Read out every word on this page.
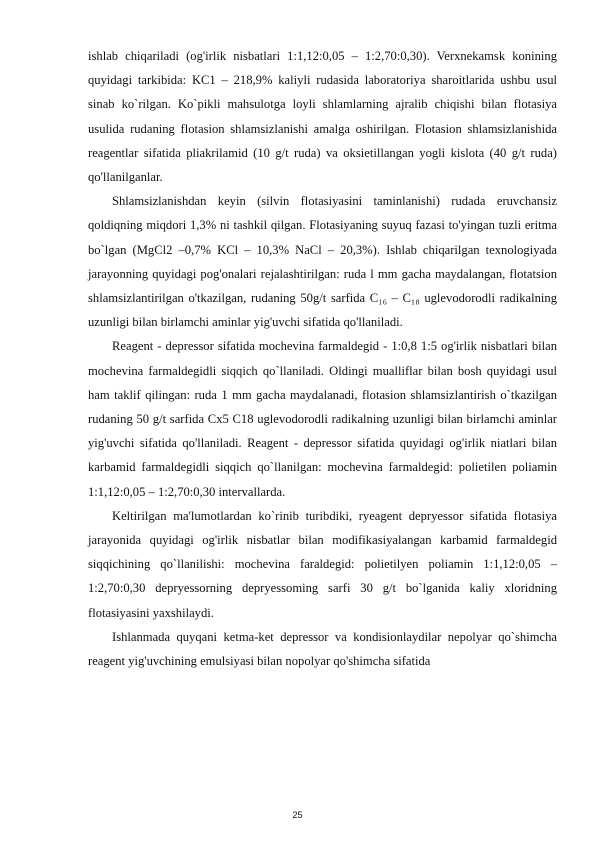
ishlab chiqariladi (og'irlik nisbatlari 1:1,12:0,05 – 1:2,70:0,30). Verxnekamsk konining quyidagi tarkibida: KC1 – 218,9% kaliyli rudasida laboratoriya sharoitlarida ushbu usul sinab ko`rilgan. Ko`pikli mahsulotga loyli shlamlarning ajralib chiqishi bilan flotasiya usulida rudaning flotasion shlamsizlanishi amalga oshirilgan. Flotasion shlamsizlanishida reagentlar sifatida pliakrilamid (10 g/t ruda) va oksietillangan yogli kislota (40 g/t ruda) qo'llanilganlar.

Shlamsizlanishdan keyin (silvin flotasiyasini taminlanishi) rudada eruvchansiz qoldiqning miqdori 1,3% ni tashkil qilgan. Flotasiyaning suyuq fazasi to'yingan tuzli eritma bo`lgan (MgCl2 –0,7% KCl – 10,3% NaCl – 20,3%). Ishlab chiqarilgan texnologiyada jarayonning quyidagi pog'onalari rejalashtirilgan: ruda l mm gacha maydalangan, flotatsion shlamsizlantirilgan o'tkazilgan, rudaning 50g/t sarfida C₁₆ – C₁₈ uglevodorodli radikalning uzunligi bilan birlamchi aminlar yig'uvchi sifatida qo'llaniladi.

Reagent - depressor sifatida mochevina farmaldegid - 1:0,8 1:5 og'irlik nisbatlari bilan mochevina farmaldegidli siqqich qo`llaniladi. Oldingi mualliflar bilan bosh quyidagi usul ham taklif qilingan: ruda 1 mm gacha maydalanadi, flotasion shlamsizlantirish o`tkazilgan rudaning 50 g/t sarfida Cx5 C18 uglevodorodli radikalning uzunligi bilan birlamchi aminlar yig'uvchi sifatida qo'llaniladi. Reagent - depressor sifatida quyidagi og'irlik niatlari bilan karbamid farmaldegidli siqqich qo`llanilgan: mochevina farmaldegid: polietilen poliamin 1:1,12:0,05 – 1:2,70:0,30 intervallarda.

Keltirilgan ma'lumotlardan ko`rinib turibdiki, ryeagent depryessor sifatida flotasiya jarayonida quyidagi og'irlik nisbatlar bilan modifikasiyalangan karbamid farmaldegid siqqichining qo`llanilishi: mochevina faraldegid: polietilyen poliamin 1:1,12:0,05 – 1:2,70:0,30 depryessorning depryessoming sarfi 30 g/t bo`lganida kaliy xloridning flotasiyasini yaxshilaydi.

Ishlanmada quyqani ketma-ket depressor va kondisionlaydilar nepolyar qo`shimcha reagent yig'uvchining emulsiyasi bilan nopolyar qo'shimcha sifatida

25
